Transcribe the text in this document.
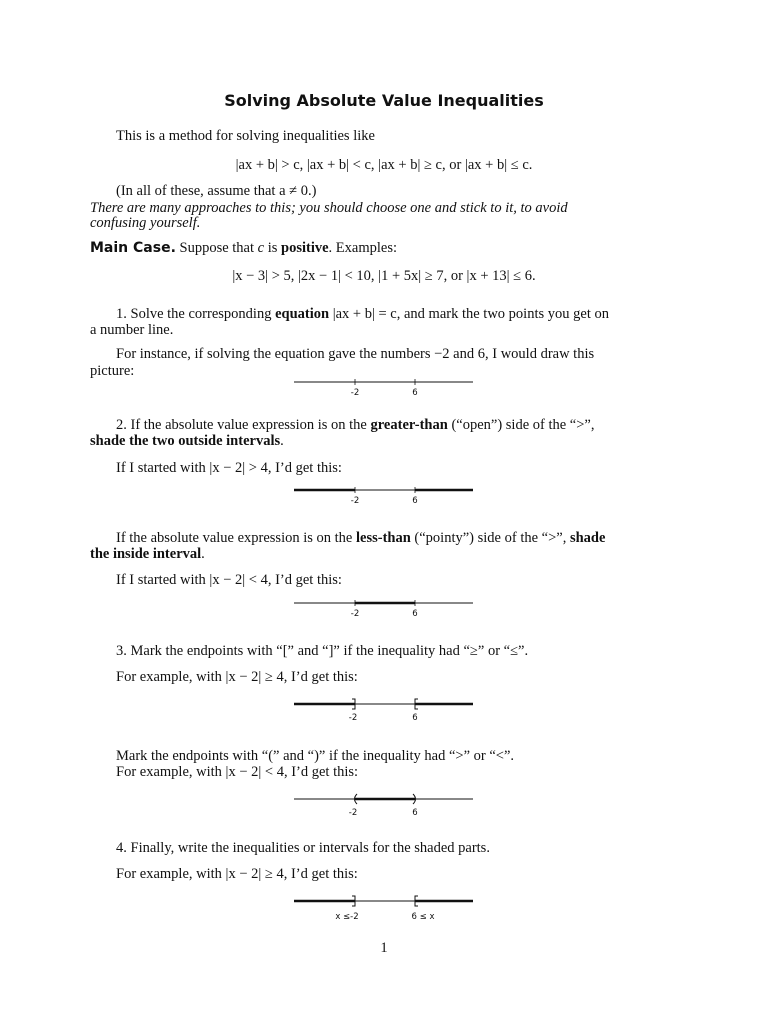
Solving Absolute Value Inequalities
This is a method for solving inequalities like
|ax + b| > c, |ax + b| < c, |ax + b| ≥ c, or |ax + b| ≤ c.
(In all of these, assume that a ≠ 0.)
There are many approaches to this; you should choose one and stick to it, to avoid
confusing yourself.
Main Case. Suppose that c is positive. Examples:
|x − 3| > 5, |2x − 1| < 10, |1 + 5x| ≥ 7, or |x + 13| ≤ 6.
1. Solve the corresponding equation |ax + b| = c, and mark the two points you get on
a number line.
For instance, if solving the equation gave the numbers −2 and 6, I would draw this
picture:
-2	6
2. If the absolute value expression is on the greater-than (“open”) side of the “>”,
shade the two outside intervals.
If I started with |x − 2| > 4, I’d get this:
-2	6
If the absolute value expression is on the less-than (“pointy”) side of the “>”, shade
the inside interval.
If I started with |x − 2| < 4, I’d get this:
-2	6
3. Mark the endpoints with “[” and “]” if the inequality had “≥” or “≤”.
For example, with |x − 2| ≥ 4, I’d get this:
-2	6
Mark the endpoints with “(” and “)” if the inequality had “>” or “<”.
For example, with |x − 2| < 4, I’d get this:
-2	6
4. Finally, write the inequalities or intervals for the shaded parts.
For example, with |x − 2| ≥ 4, I’d get this:
x ≤-2	6 ≤ x
1
